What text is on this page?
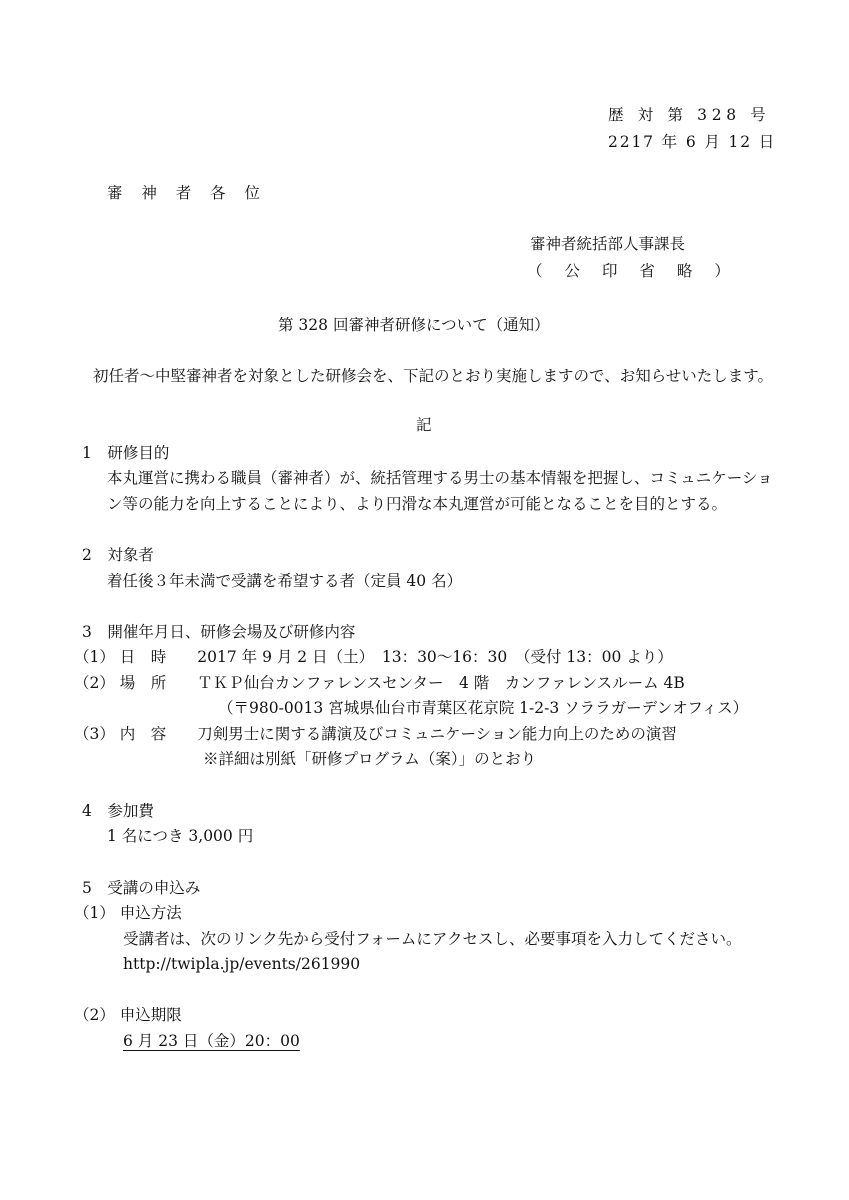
歴 対 第 328 号
2217 年 6 月 12 日
審 神 者 各 位
審神者統括部人事課長
（ 公 印 省 略 ）
第 328 回審神者研修について（通知）
初任者～中堅審神者を対象とした研修会を、下記のとおり実施しますので、お知らせいたします。
記
1　研修目的
本丸運営に携わる職員（審神者）が、統括管理する男士の基本情報を把握し、コミュニケーショ
ン等の能力を向上することにより、より円滑な本丸運営が可能となることを目的とする。
2　対象者
着任後３年未満で受講を希望する者（定員 40 名）
3　開催年月日、研修会場及び研修内容
（1） 日　時　　2017 年 9 月 2 日（土）　13：30～16：30　（受付 13：00 より）
（2） 場　所　　ＴＫＰ仙台カンファレンスセンター　4 階　カンファレンスルーム 4B
（〒980-0013 宮城県仙台市青葉区花京院 1-2-3 ソララガーデンオフィス）
（3） 内　容　　刀剣男士に関する講演及びコミュニケーション能力向上のための演習
※詳細は別紙「研修プログラム（案）」のとおり
4　参加費
1 名につき 3,000 円
5　受講の申込み
（1） 申込方法
受講者は、次のリンク先から受付フォームにアクセスし、必要事項を入力してください。
http://twipla.jp/events/261990
（2） 申込期限
6 月 23 日（金）20：00
